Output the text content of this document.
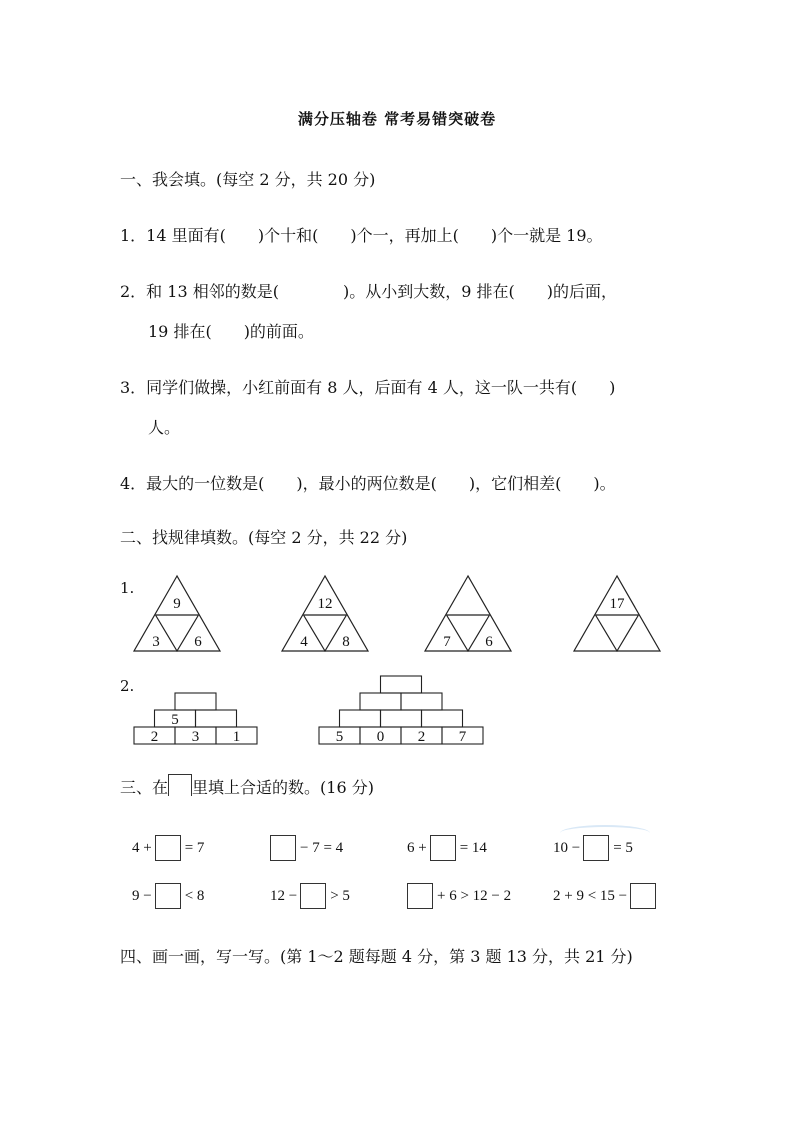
满分压轴卷 常考易错突破卷
一、我会填。(每空 2 分，共 20 分)
1．14 里面有(　　)个十和(　　)个一，再加上(　　)个一就是 19。
2．和 13 相邻的数是(　　　　)。从小到大数，9 排在(　　)的后面，
19 排在(　　)的前面。
3．同学们做操，小红前面有 8 人，后面有 4 人，这一队一共有(　　)
人。
4．最大的一位数是(　　)，最小的两位数是(　　)，它们相差(　　)。
二、找规律填数。(每空 2 分，共 22 分)
1.
2.
9
3 6
12
4 8	7 6
17
2 3 1
5
5 0 2 7
三、在 里填上合适的数。(16 分)
4 + = 7	− 7 = 4	6 + = 14	10 − = 5
9 − < 8	12 − > 5	+ 6 > 12 − 2	2 + 9 < 15 −
四、画一画，写一写。(第 1～2 题每题 4 分，第 3 题 13 分，共 21 分)
